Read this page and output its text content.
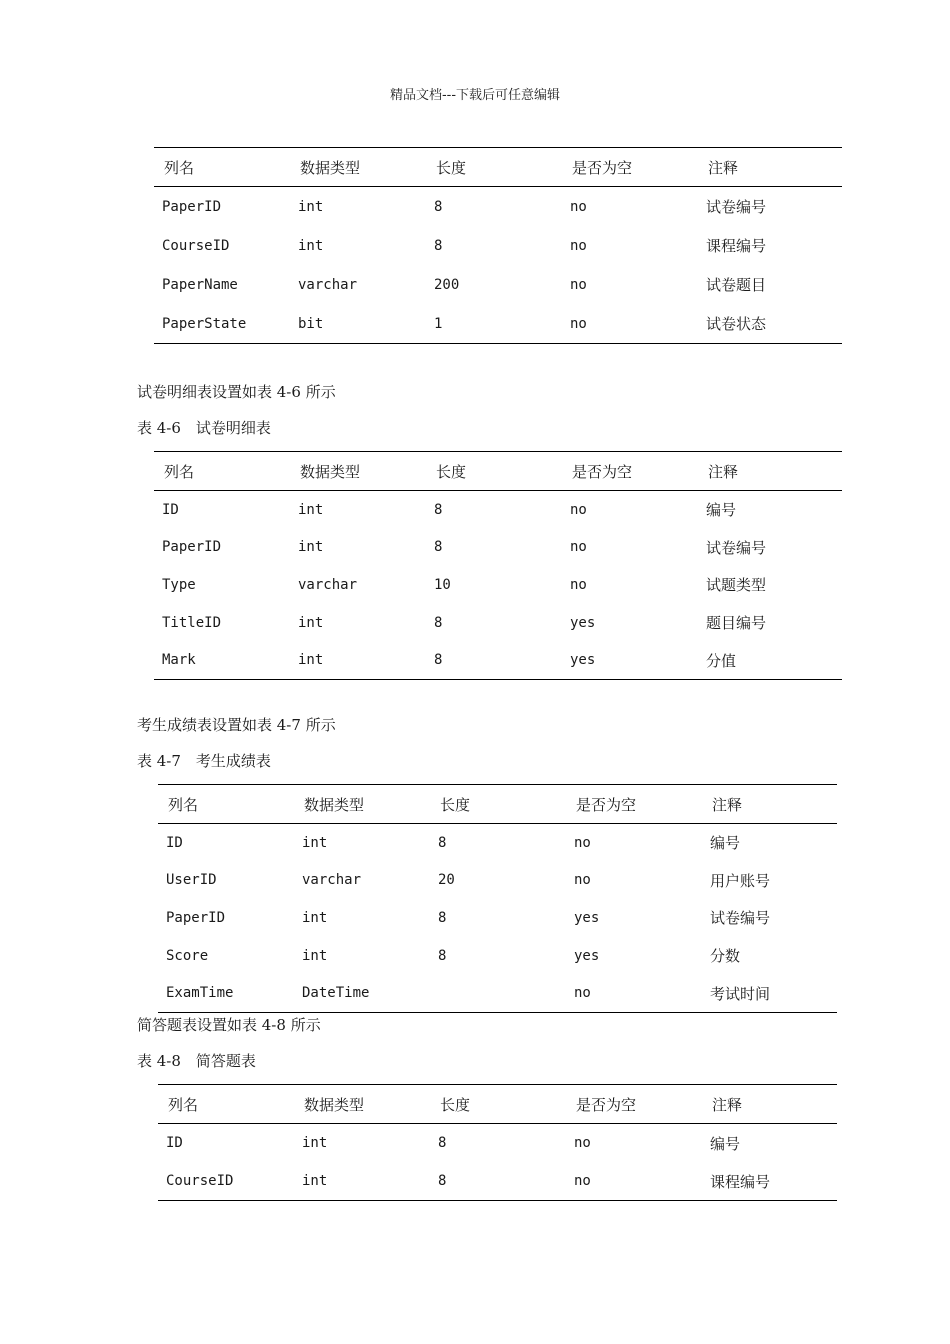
精品文档---下载后可任意编辑
列名	数据类型	长度	是否为空	注释
PaperID	int	8	no	试卷编号
CourseID	int	8	no	课程编号
PaperName	varchar	200	no	试卷题目
PaperState	bit	1	no	试卷状态
试卷明细表设置如表 4-6 所示
表 4-6　试卷明细表
列名	数据类型	长度	是否为空	注释
ID	int	8	no	编号
PaperID	int	8	no	试卷编号
Type	varchar	10	no	试题类型
TitleID	int	8	yes	题目编号
Mark	int	8	yes	分值
考生成绩表设置如表 4-7 所示
表 4-7　考生成绩表
列名	数据类型	长度	是否为空	注释
ID	int	8	no	编号
UserID	varchar	20	no	用户账号
PaperID	int	8	yes	试卷编号
Score	int	8	yes	分数
ExamTime	DateTime		no	考试时间
简答题表设置如表 4-8 所示
表 4-8　简答题表
列名	数据类型	长度	是否为空	注释
ID	int	8	no	编号
CourseID	int	8	no	课程编号
